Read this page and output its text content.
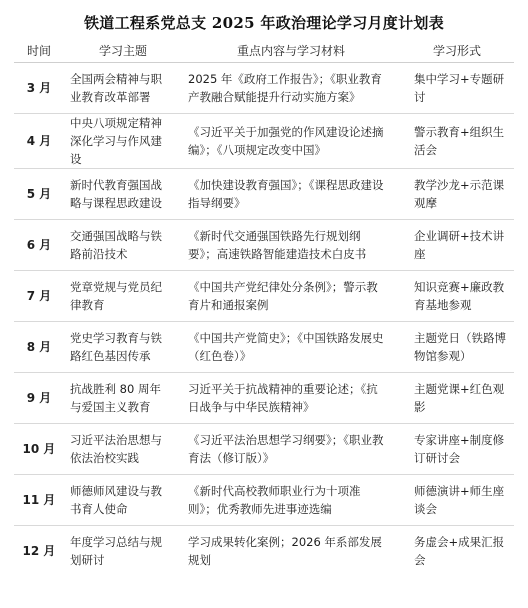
铁道工程系党总支 2025 年政治理论学习月度计划表
时间	学习主题	重点内容与学习材料	学习形式
3 月	全国两会精神与职业教育改革部署	2025 年《政府工作报告》；《职业教育产教融合赋能提升行动实施方案》	集中学习+专题研讨
4 月	中央八项规定精神深化学习与作风建设	《习近平关于加强党的作风建设论述摘编》；《八项规定改变中国》	警示教育+组织生活会
5 月	新时代教育强国战略与课程思政建设	《加快建设教育强国》；《课程思政建设指导纲要》	教学沙龙+示范课观摩
6 月	交通强国战略与铁路前沿技术	《新时代交通强国铁路先行规划纲要》；高速铁路智能建造技术白皮书	企业调研+技术讲座
7 月	党章党规与党员纪律教育	《中国共产党纪律处分条例》；警示教育片和通报案例	知识竞赛+廉政教育基地参观
8 月	党史学习教育与铁路红色基因传承	《中国共产党简史》；《中国铁路发展史（红色卷）》	主题党日（铁路博物馆参观）
9 月	抗战胜利 80 周年与爱国主义教育	习近平关于抗战精神的重要论述；《抗日战争与中华民族精神》	主题党课+红色观影
10 月	习近平法治思想与依法治校实践	《习近平法治思想学习纲要》；《职业教育法（修订版）》	专家讲座+制度修订研讨会
11 月	师德师风建设与教书育人使命	《新时代高校教师职业行为十项准则》；优秀教师先进事迹选编	师德演讲+师生座谈会
12 月	年度学习总结与规划研讨	学习成果转化案例；2026 年系部发展规划	务虚会+成果汇报会
